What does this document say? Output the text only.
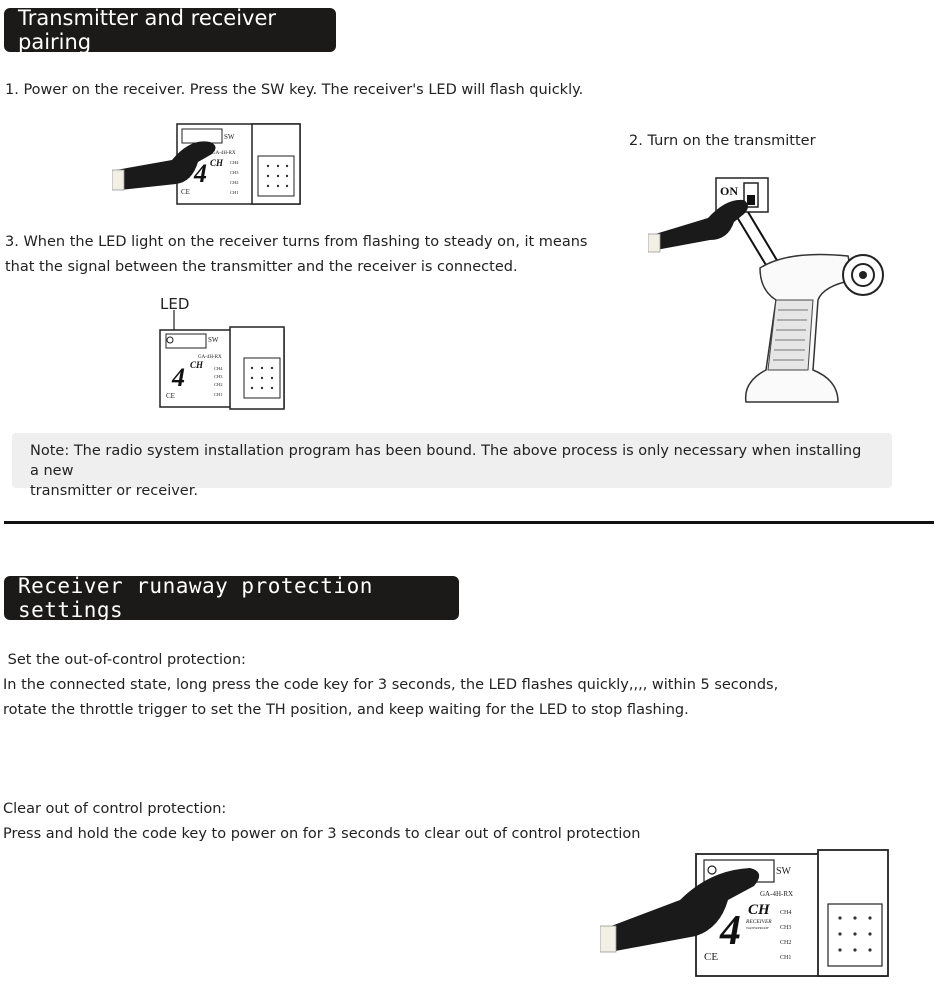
Transmitter and receiver pairing
1. Power on the receiver. Press the SW key. The receiver's LED will flash quickly.
2. Turn on the transmitter
3. When the LED light on the receiver turns from flashing to steady on, it means
that the signal between the transmitter and the receiver is connected.
SW
GA-4H-RX
4 CH CH4
CH3
CH2
CH1
CE	ON
LED
SW
GA-4H-RX
4 CH CH4
CH3
CH2
CH1
CE
Note: The radio system installation program has been bound. The above process is only necessary when installing a new
transmitter or receiver.
Receiver runaway protection settings
Set the out-of-control protection:
In the connected state, long press the code key for 3 seconds, the LED flashes quickly,,,, within 5 seconds,
rotate the throttle trigger to set the TH position, and keep waiting for the LED to stop flashing.
Clear out of control protection:
Press and hold the code key to power on for 3 seconds to clear out of control protection
SW
GA-4H-RX
4 CH
RECEIVER
WATERPROOF
CH4
CH3
CH2
CH1
CE
